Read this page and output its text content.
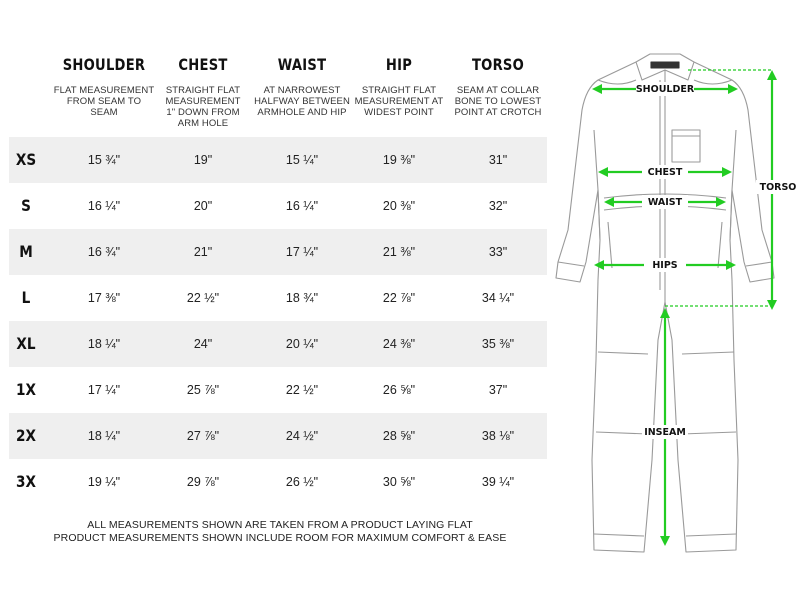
SHOULDER
FLAT MEASUREMENT
FROM SEAM TO
SEAM
CHEST
STRAIGHT FLAT
MEASUREMENT
1" DOWN FROM
ARM HOLE
WAIST
AT NARROWEST
HALFWAY BETWEEN
ARMHOLE AND HIP
HIP
STRAIGHT FLAT
MEASUREMENT AT
WIDEST POINT
TORSO
SEAM AT COLLAR
BONE TO LOWEST
POINT AT CROTCH
XS	15 ¾"	19"	15 ¼"	19 ⅜"	31"
S	16 ¼"	20"	16 ¼"	20 ⅜"	32"
M	16 ¾"	21"	17 ¼"	21 ⅜"	33"
L	17 ⅜"	22 ½"	18 ¾"	22 ⅞"	34 ¼"
XL	18 ¼"	24"	20 ¼"	24 ⅜"	35 ⅜"
1X	17 ¼"	25 ⅞"	22 ½"	26 ⅝"	37"
2X	18 ¼"	27 ⅞"	24 ½"	28 ⅝"	38 ⅛"
3X	19 ¼"	29 ⅞"	26 ½"	30 ⅝"	39 ¼"
ALL MEASUREMENTS SHOWN ARE TAKEN FROM A PRODUCT LAYING FLAT
PRODUCT MEASUREMENTS SHOWN INCLUDE ROOM FOR MAXIMUM COMFORT & EASE
SHOULDER
CHEST
WAIST
HIPS
TORSO
INSEAM
